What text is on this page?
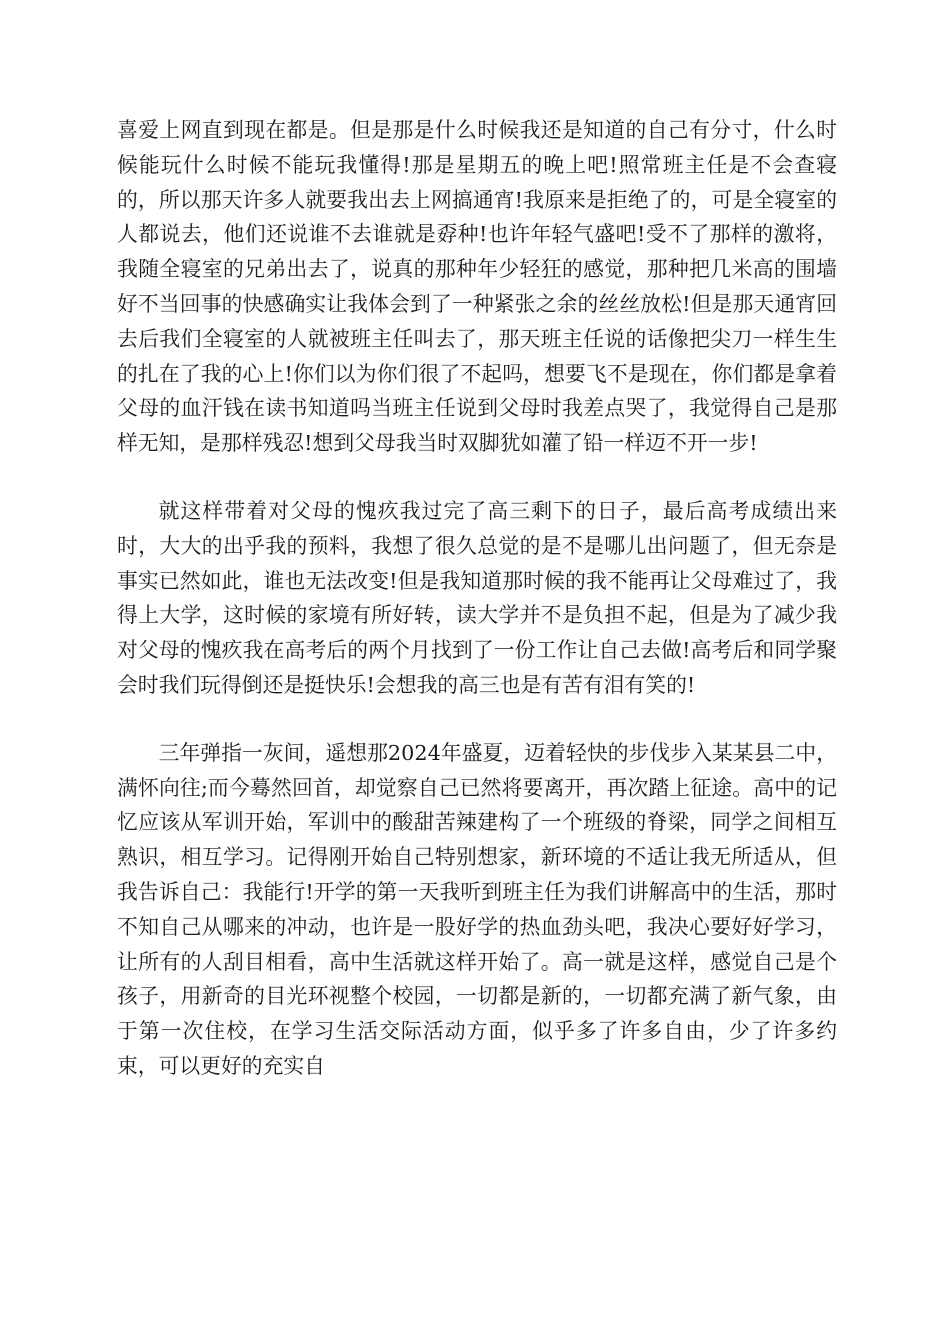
喜爱上网直到现在都是。但是那是什么时候我还是知道的自己有分寸，什么时候能玩什么时候不能玩我懂得!那是星期五的晚上吧!照常班主任是不会查寝的，所以那天许多人就要我出去上网搞通宵!我原来是拒绝了的，可是全寝室的人都说去，他们还说谁不去谁就是孬种!也许年轻气盛吧!受不了那样的激将，我随全寝室的兄弟出去了，说真的那种年少轻狂的感觉，那种把几米高的围墙好不当回事的快感确实让我体会到了一种紧张之余的丝丝放松!但是那天通宵回去后我们全寝室的人就被班主任叫去了，那天班主任说的话像把尖刀一样生生的扎在了我的心上!你们以为你们很了不起吗，想要飞不是现在，你们都是拿着父母的血汗钱在读书知道吗当班主任说到父母时我差点哭了，我觉得自己是那样无知，是那样残忍!想到父母我当时双脚犹如灌了铅一样迈不开一步!

就这样带着对父母的愧疚我过完了高三剩下的日子，最后高考成绩出来时，大大的出乎我的预料，我想了很久总觉的是不是哪儿出问题了，但无奈是事实已然如此，谁也无法改变!但是我知道那时候的我不能再让父母难过了，我得上大学，这时候的家境有所好转，读大学并不是负担不起，但是为了减少我对父母的愧疚我在高考后的两个月找到了一份工作让自己去做!高考后和同学聚会时我们玩得倒还是挺快乐!会想我的高三也是有苦有泪有笑的!

三年弹指一灰间，遥想那2024年盛夏，迈着轻快的步伐步入某某县二中，满怀向往;而今蓦然回首，却觉察自己已然将要离开，再次踏上征途。高中的记忆应该从军训开始，军训中的酸甜苦辣建构了一个班级的脊梁，同学之间相互熟识，相互学习。记得刚开始自己特别想家，新环境的不适让我无所适从，但我告诉自己：我能行!开学的第一天我听到班主任为我们讲解高中的生活，那时不知自己从哪来的冲动，也许是一股好学的热血劲头吧，我决心要好好学习，让所有的人刮目相看，高中生活就这样开始了。高一就是这样，感觉自己是个孩子，用新奇的目光环视整个校园，一切都是新的，一切都充满了新气象，由于第一次住校，在学习生活交际活动方面，似乎多了许多自由，少了许多约束，可以更好的充实自
